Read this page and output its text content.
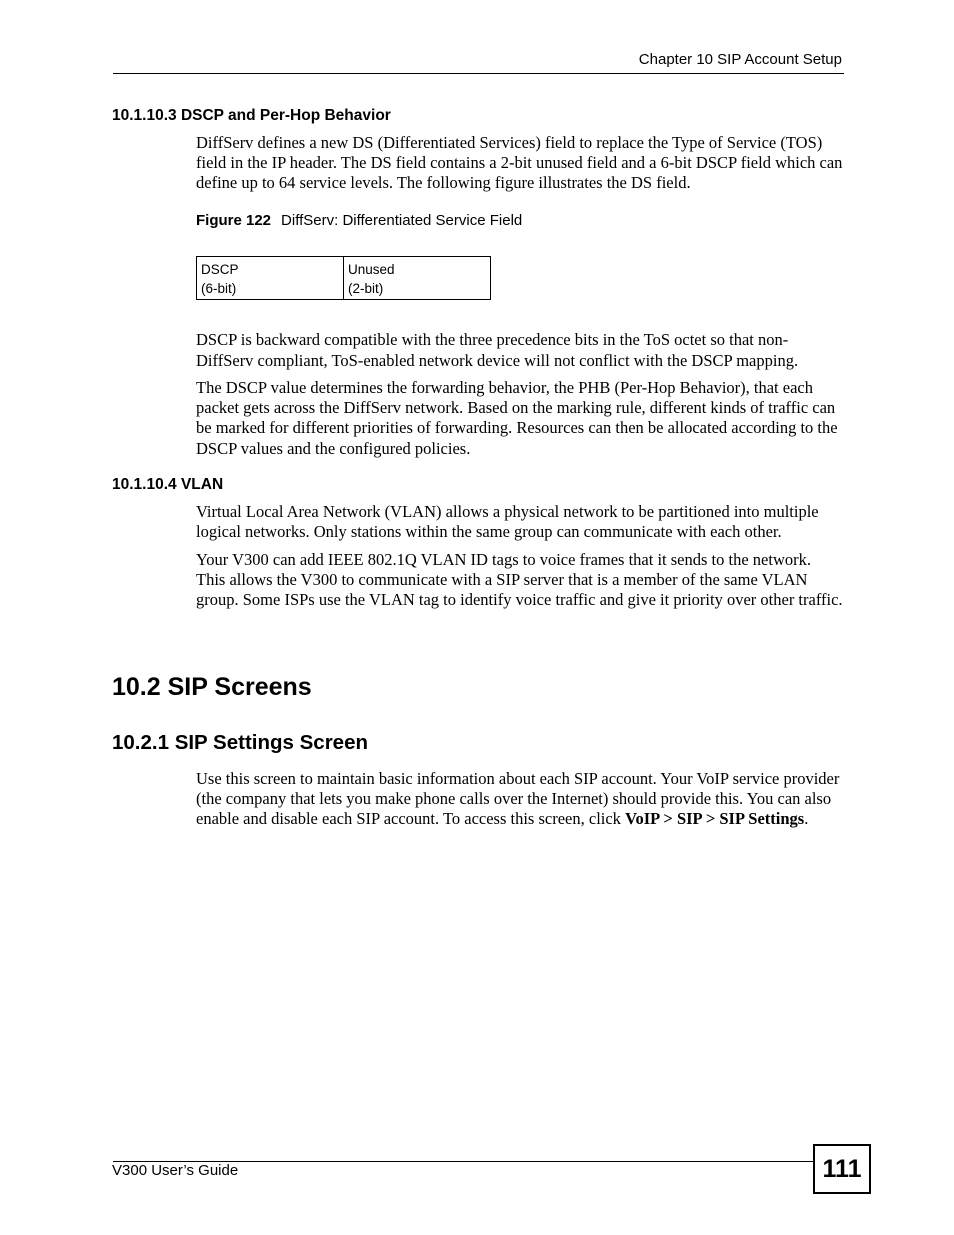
Chapter 10 SIP Account Setup
10.1.10.3 DSCP and Per-Hop Behavior
DiffServ defines a new DS (Differentiated Services) field to replace the Type of Service (TOS) field in the IP header. The DS field contains a 2-bit unused field and a 6-bit DSCP field which can define up to 64 service levels. The following figure illustrates the DS field.
Figure 122 DiffServ: Differentiated Service Field
DSCP
(6-bit)
Unused
(2-bit)
DSCP is backward compatible with the three precedence bits in the ToS octet so that non-DiffServ compliant, ToS-enabled network device will not conflict with the DSCP mapping.
The DSCP value determines the forwarding behavior, the PHB (Per-Hop Behavior), that each packet gets across the DiffServ network. Based on the marking rule, different kinds of traffic can be marked for different priorities of forwarding. Resources can then be allocated according to the DSCP values and the configured policies.
10.1.10.4 VLAN
Virtual Local Area Network (VLAN) allows a physical network to be partitioned into multiple logical networks. Only stations within the same group can communicate with each other.
Your V300 can add IEEE 802.1Q VLAN ID tags to voice frames that it sends to the network. This allows the V300 to communicate with a SIP server that is a member of the same VLAN group. Some ISPs use the VLAN tag to identify voice traffic and give it priority over other traffic.
10.2 SIP Screens
10.2.1 SIP Settings Screen
Use this screen to maintain basic information about each SIP account. Your VoIP service provider (the company that lets you make phone calls over the Internet) should provide this. You can also enable and disable each SIP account. To access this screen, click VoIP > SIP > SIP Settings.
V300 User’s Guide	111
